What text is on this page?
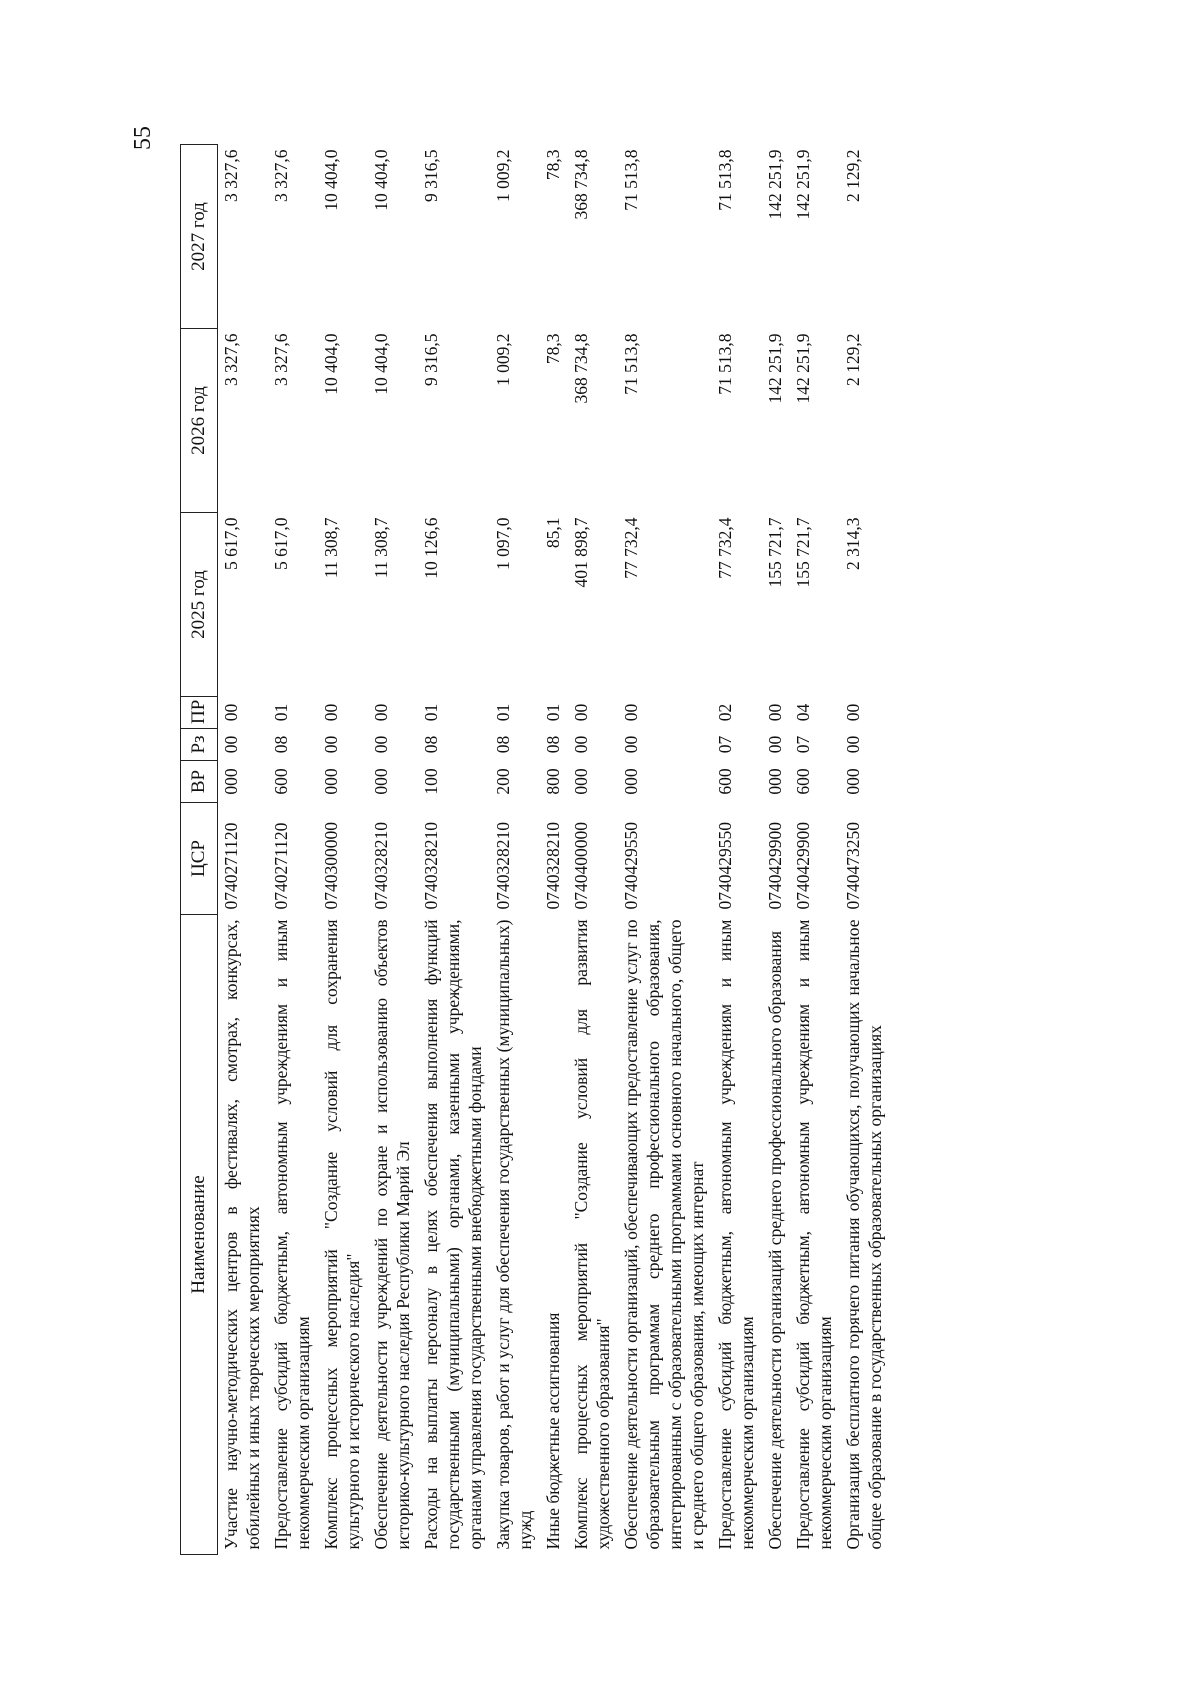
55
Наименование	ЦСР	ВР	Рз	ПР	2025 год	2026 год	2027 год
Участие научно-методических центров в фестивалях, смотрах, конкурсах, юбилейных и иных творческих мероприятиях	0740271120	000	00	00	5 617,0	3 327,6	3 327,6
Предоставление субсидий бюджетным, автономным учреждениям и иным некоммерческим организациям	0740271120	600	08	01	5 617,0	3 327,6	3 327,6
Комплекс процессных мероприятий "Создание условий для сохранения культурного и исторического наследия"	0740300000	000	00	00	11 308,7	10 404,0	10 404,0
Обеспечение деятельности учреждений по охране и использованию объектов историко-культурного наследия Республики Марий Эл	0740328210	000	00	00	11 308,7	10 404,0	10 404,0
Расходы на выплаты персоналу в целях обеспечения выполнения функций государственными (муниципальными) органами, казенными учреждениями, органами управления государственными внебюджетными фондами	0740328210	100	08	01	10 126,6	9 316,5	9 316,5
Закупка товаров, работ и услуг для обеспечения государственных (муниципальных) нужд	0740328210	200	08	01	1 097,0	1 009,2	1 009,2
Иные бюджетные ассигнования	0740328210	800	08	01	85,1	78,3	78,3
Комплекс процессных мероприятий "Создание условий для развития художественного образования"	0740400000	000	00	00	401 898,7	368 734,8	368 734,8
Обеспечение деятельности организаций, обеспечивающих предоставление услуг по образовательным программам среднего профессионального образования, интегрированным с образовательными программами основного начального, общего и среднего общего образования, имеющих интернат	0740429550	000	00	00	77 732,4	71 513,8	71 513,8
Предоставление субсидий бюджетным, автономным учреждениям и иным некоммерческим организациям	0740429550	600	07	02	77 732,4	71 513,8	71 513,8
Обеспечение деятельности организаций среднего профессионального образования	0740429900	000	00	00	155 721,7	142 251,9	142 251,9
Предоставление субсидий бюджетным, автономным учреждениям и иным некоммерческим организациям	0740429900	600	07	04	155 721,7	142 251,9	142 251,9
Организация бесплатного горячего питания обучающихся, получающих начальное общее образование в государственных образовательных организациях	0740473250	000	00	00	2 314,3	2 129,2	2 129,2
